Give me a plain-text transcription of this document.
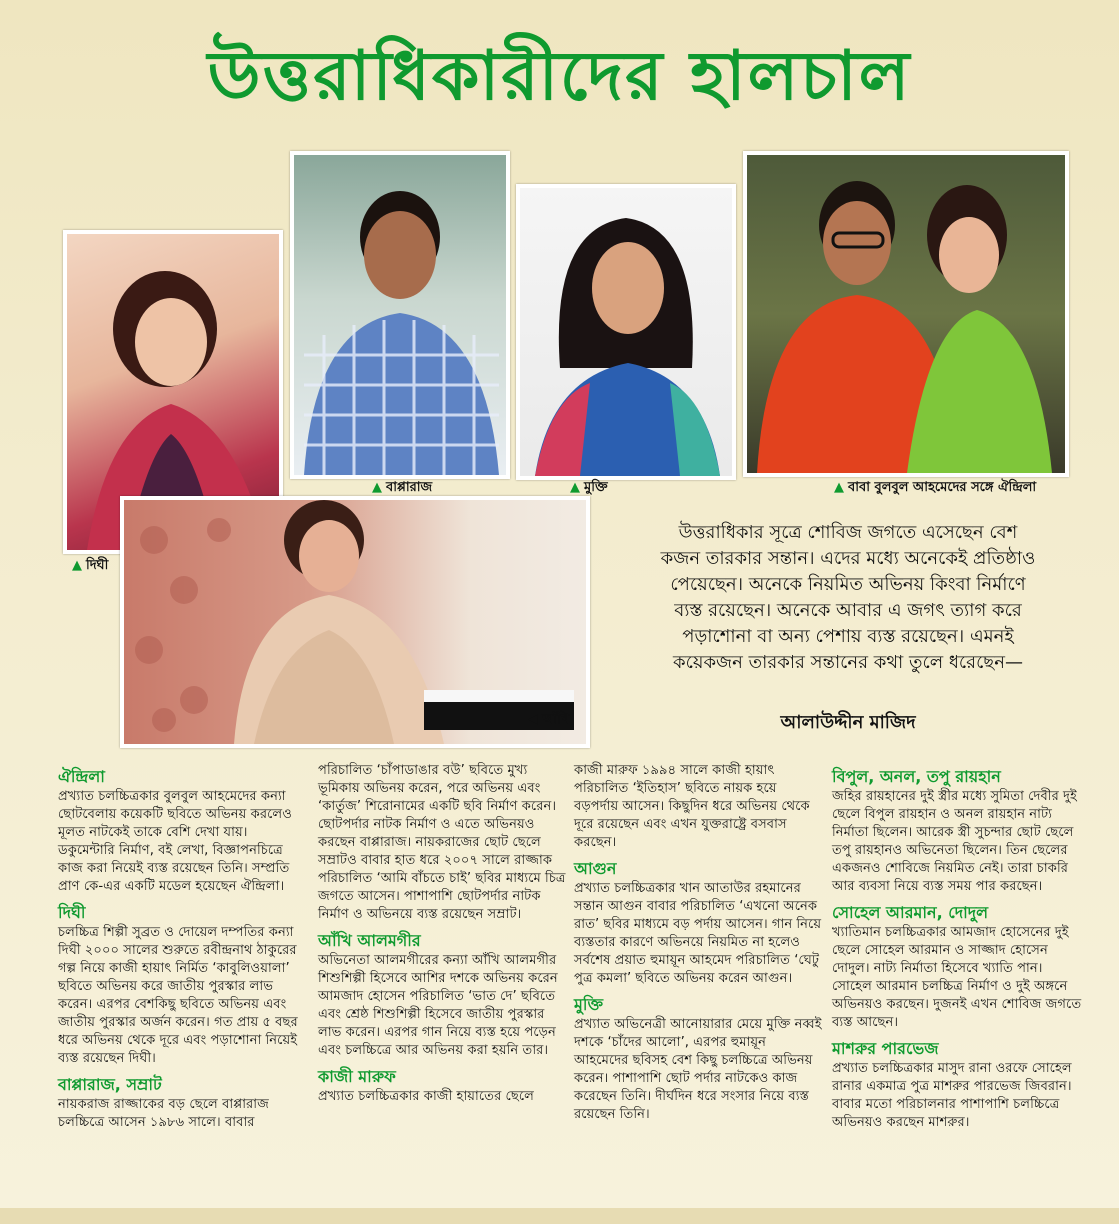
উত্তরাধিকারীদের হালচাল
▲ দিঘী
▲ বাপ্পারাজ	▲ মুক্তি	▲ বাবা বুলবুল আহমেদের সঙ্গে ঐন্দ্রিলা
◀ আঁখি
উত্তরাধিকার সূত্রে শোবিজ জগতে এসেছেন বেশ কজন তারকার সন্তান। এদের মধ্যে অনেকেই প্রতিষ্ঠাও পেয়েছেন। অনেকে নিয়মিত অভিনয় কিংবা নির্মাণে ব্যস্ত রয়েছেন। অনেকে আবার এ জগৎ ত্যাগ করে পড়াশোনা বা অন্য পেশায় ব্যস্ত রয়েছেন। এমনই কয়েকজন তারকার সন্তানের কথা তুলে ধরেছেন—
আলাউদ্দীন মাজিদ
ঐন্দ্রিলা

প্রখ্যাত চলচ্চিত্রকার বুলবুল আহমেদের কন্যা ছোটবেলায় কয়েকটি ছবিতে অভিনয় করলেও মূলত নাটকেই তাকে বেশি দেখা যায়। ডকুমেন্টারি নির্মাণ, বই লেখা, বিজ্ঞাপনচিত্রে কাজ করা নিয়েই ব্যস্ত রয়েছেন তিনি। সম্প্রতি প্রাণ কে-এর একটি মডেল হয়েছেন ঐন্দ্রিলা।

দিঘী

চলচ্চিত্র শিল্পী সুব্রত ও দোয়েল দম্পতির কন্যা দিঘী ২০০০ সালের শুরুতে রবীন্দ্রনাথ ঠাকুরের গল্প নিয়ে কাজী হায়াৎ নির্মিত ‘কাবুলিওয়ালা’ ছবিতে অভিনয় করে জাতীয় পুরস্কার লাভ করেন। এরপর বেশকিছু ছবিতে অভিনয় এবং জাতীয় পুরস্কার অর্জন করেন। গত প্রায় ৫ বছর ধরে অভিনয় থেকে দূরে এবং পড়াশোনা নিয়েই ব্যস্ত রয়েছেন দিঘী।

বাপ্পারাজ, সম্রাট

নায়করাজ রাজ্জাকের বড় ছেলে বাপ্পারাজ চলচ্চিত্রে আসেন ১৯৮৬ সালে। বাবার

পরিচালিত ‘চাঁপাডাঙার বউ’ ছবিতে মুখ্য ভূমিকায় অভিনয় করেন, পরে অভিনয় এবং ‘কার্তুজ’ শিরোনামের একটি ছবি নির্মাণ করেন। ছোটপর্দার নাটক নির্মাণ ও এতে অভিনয়ও করছেন বাপ্পারাজ। নায়করাজের ছোট ছেলে সম্রাটও বাবার হাত ধরে ২০০৭ সালে রাজ্জাক পরিচালিত ‘আমি বাঁচতে চাই’ ছবির মাধ্যমে চিত্র জগতে আসেন। পাশাপাশি ছোটপর্দার নাটক নির্মাণ ও অভিনয়ে ব্যস্ত রয়েছেন সম্রাট।

আঁখি আলমগীর

অভিনেতা আলমগীরের কন্যা আঁখি আলমগীর শিশুশিল্পী হিসেবে আশির দশকে অভিনয় করেন আমজাদ হোসেন পরিচালিত ‘ভাত দে’ ছবিতে এবং শ্রেষ্ঠ শিশুশিল্পী হিসেবে জাতীয় পুরস্কার লাভ করেন। এরপর গান নিয়ে ব্যস্ত হয়ে পড়েন এবং চলচ্চিত্রে আর অভিনয় করা হয়নি তার।

কাজী মারুফ

প্রখ্যাত চলচ্চিত্রকার কাজী হায়াতের ছেলে

কাজী মারুফ ১৯৯৪ সালে কাজী হায়াৎ পরিচালিত ‘ইতিহাস’ ছবিতে নায়ক হয়ে বড়পর্দায় আসেন। কিছুদিন ধরে অভিনয় থেকে দূরে রয়েছেন এবং এখন যুক্তরাষ্ট্রে বসবাস করছেন।

আগুন

প্রখ্যাত চলচ্চিত্রকার খান আতাউর রহমানের সন্তান আগুন বাবার পরিচালিত ‘এখনো অনেক রাত’ ছবির মাধ্যমে বড় পর্দায় আসেন। গান নিয়ে ব্যস্ততার কারণে অভিনয়ে নিয়মিত না হলেও সর্বশেষ প্রয়াত হুমায়ূন আহমেদ পরিচালিত ‘ঘেটু পুত্র কমলা’ ছবিতে অভিনয় করেন আগুন।

মুক্তি

প্রখ্যাত অভিনেত্রী আনোয়ারার মেয়ে মুক্তি নব্বই দশকে ‘চাঁদের আলো’, এরপর হুমায়ূন আহমেদের ছবিসহ বেশ কিছু চলচ্চিত্রে অভিনয় করেন। পাশাপাশি ছোট পর্দার নাটকেও কাজ করেছেন তিনি। দীর্ঘদিন ধরে সংসার নিয়ে ব্যস্ত রয়েছেন তিনি।

বিপুল, অনল, তপু রায়হান

জহির রায়হানের দুই স্ত্রীর মধ্যে সুমিতা দেবীর দুই ছেলে বিপুল রায়হান ও অনল রায়হান নাট্য নির্মাতা ছিলেন। আরেক স্ত্রী সুচন্দার ছোট ছেলে তপু রায়হানও অভিনেতা ছিলেন। তিন ছেলের একজনও শোবিজে নিয়মিত নেই। তারা চাকরি আর ব্যবসা নিয়ে ব্যস্ত সময় পার করছেন।

সোহেল আরমান, দোদুল

খ্যাতিমান চলচ্চিত্রকার আমজাদ হোসেনের দুই ছেলে সোহেল আরমান ও সাজ্জাদ হোসেন দোদুল। নাট্য নির্মাতা হিসেবে খ্যাতি পান। সোহেল আরমান চলচ্চিত্র নির্মাণ ও দুই অঙ্গনে অভিনয়ও করছেন। দুজনই এখন শোবিজ জগতে ব্যস্ত আছেন।

মাশরুর পারভেজ

প্রখ্যাত চলচ্চিত্রকার মাসুদ রানা ওরফে সোহেল রানার একমাত্র পুত্র মাশরুর পারভেজ জিবরান। বাবার মতো পরিচালনার পাশাপাশি চলচ্চিত্রে অভিনয়ও করছেন মাশরুর।
